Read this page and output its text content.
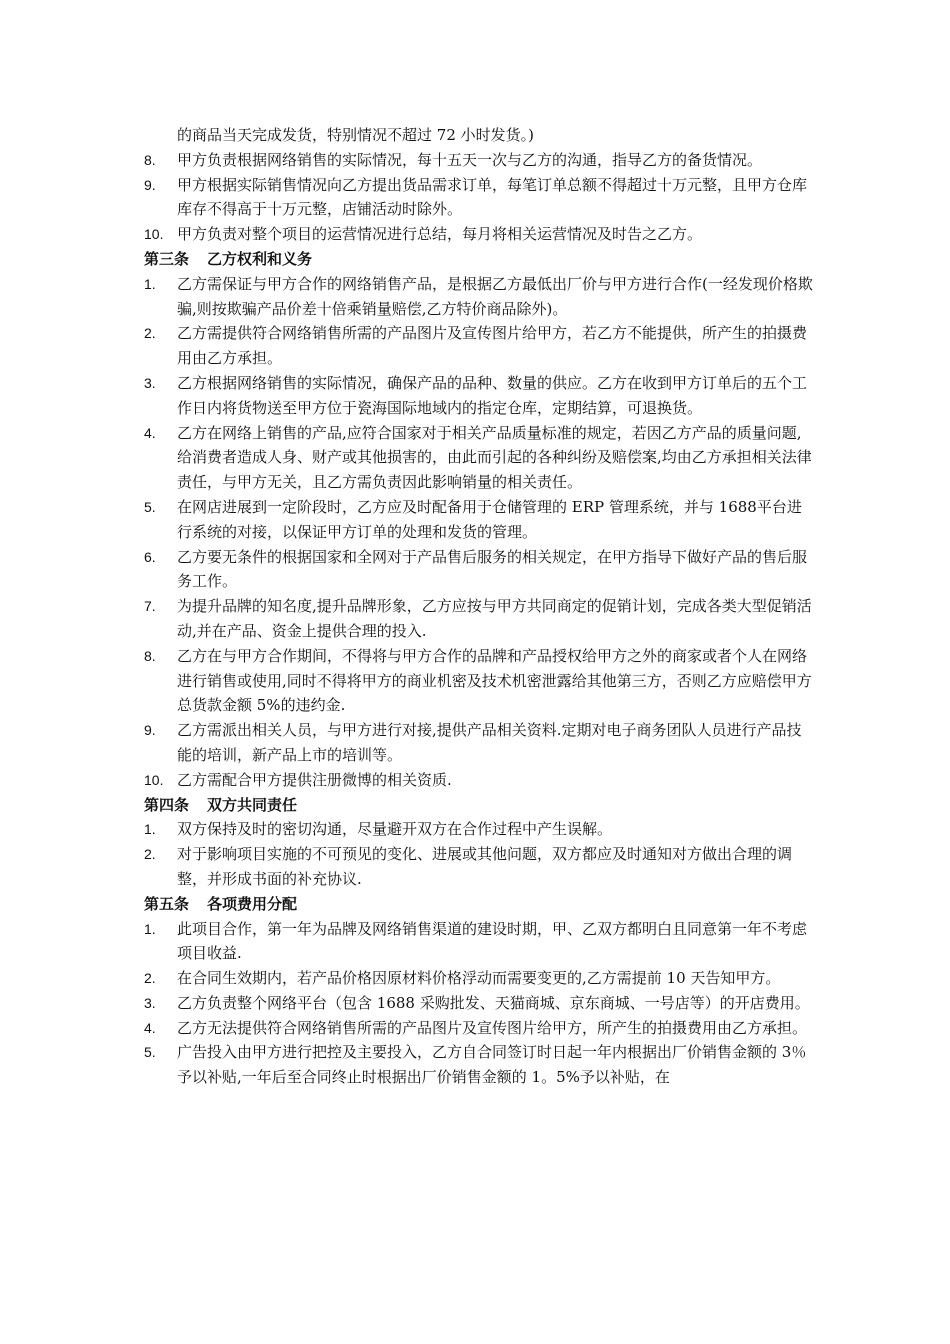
的商品当天完成发货，特别情况不超过 72 小时发货。)
8.	甲方负责根据网络销售的实际情况，每十五天一次与乙方的沟通，指导乙方的备货情况。
9.	甲方根据实际销售情况向乙方提出货品需求订单，每笔订单总额不得超过十万元整，且甲方仓库库存不得高于十万元整，店铺活动时除外。
10. 甲方负责对整个项目的运营情况进行总结，每月将相关运营情况及时告之乙方。
第三条 乙方权利和义务
1.	乙方需保证与甲方合作的网络销售产品，是根据乙方最低出厂价与甲方进行合作(一经发现价格欺骗,则按欺骗产品价差十倍乘销量赔偿,乙方特价商品除外)。
2.	乙方需提供符合网络销售所需的产品图片及宣传图片给甲方，若乙方不能提供，所产生的拍摄费用由乙方承担。
3.	乙方根据网络销售的实际情况，确保产品的品种、数量的供应。乙方在收到甲方订单后的五个工作日内将货物送至甲方位于瓷海国际地域内的指定仓库，定期结算，可退换货。
4.	乙方在网络上销售的产品,应符合国家对于相关产品质量标准的规定，若因乙方产品的质量问题,给消费者造成人身、财产或其他损害的，由此而引起的各种纠纷及赔偿案,均由乙方承担相关法律责任，与甲方无关，且乙方需负责因此影响销量的相关责任。
5.	在网店进展到一定阶段时，乙方应及时配备用于仓储管理的 ERP 管理系统，并与 1688平台进行系统的对接，以保证甲方订单的处理和发货的管理。
6.	乙方要无条件的根据国家和全网对于产品售后服务的相关规定，在甲方指导下做好产品的售后服务工作。
7.	为提升品牌的知名度,提升品牌形象，乙方应按与甲方共同商定的促销计划，完成各类大型促销活动,并在产品、资金上提供合理的投入.
8.	乙方在与甲方合作期间，不得将与甲方合作的品牌和产品授权给甲方之外的商家或者个人在网络进行销售或使用,同时不得将甲方的商业机密及技术机密泄露给其他第三方，否则乙方应赔偿甲方总货款金额 5%的违约金.
9.	乙方需派出相关人员，与甲方进行对接,提供产品相关资料.定期对电子商务团队人员进行产品技能的培训，新产品上市的培训等。
10. 乙方需配合甲方提供注册微博的相关资质.
第四条 双方共同责任
1.	双方保持及时的密切沟通，尽量避开双方在合作过程中产生误解。
2.	对于影响项目实施的不可预见的变化、进展或其他问题，双方都应及时通知对方做出合理的调整，并形成书面的补充协议.
第五条 各项费用分配
1.	此项目合作，第一年为品牌及网络销售渠道的建设时期，甲、乙双方都明白且同意第一年不考虑项目收益.
2.	在合同生效期内，若产品价格因原材料价格浮动而需要变更的,乙方需提前 10 天告知甲方。
3.	乙方负责整个网络平台（包含 1688 采购批发、天猫商城、京东商城、一号店等）的开店费用。
4.	乙方无法提供符合网络销售所需的产品图片及宣传图片给甲方，所产生的拍摄费用由乙方承担。
5.	广告投入由甲方进行把控及主要投入，乙方自合同签订时日起一年内根据出厂价销售金额的 3％予以补贴,一年后至合同终止时根据出厂价销售金额的 1。5%予以补贴，在
